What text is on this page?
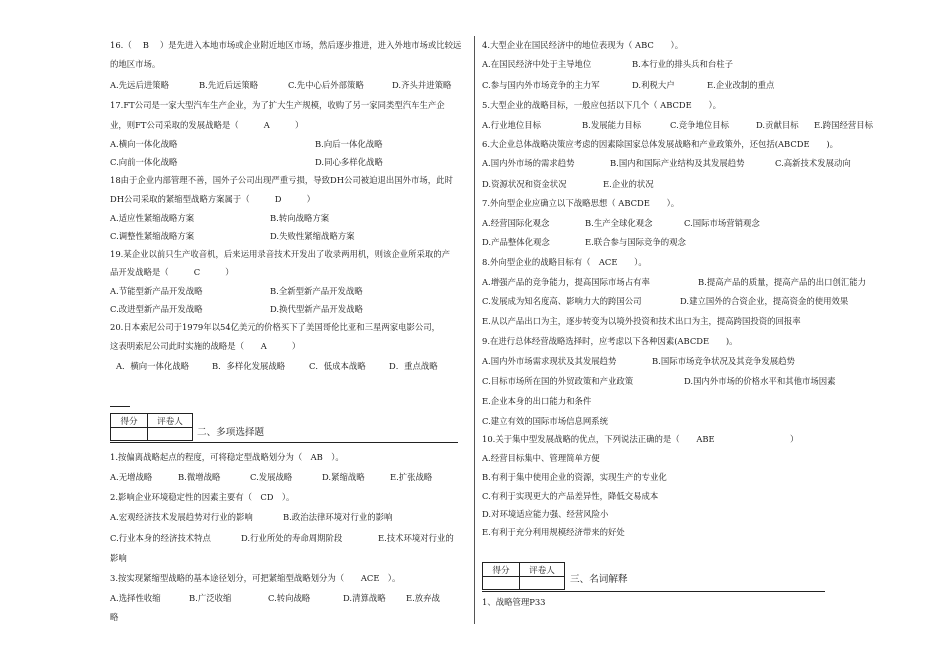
16.（　 B　 ）是先进入本地市场或企业附近地区市场，然后逐步推进，进入外地市场或比较远
的地区市场。
A.先远后进策略	B.先近后远策略	C.先中心后外部策略	D.齐头并进策略
17.FT公司是一家大型汽车生产企业，为了扩大生产规模，收购了另一家同类型汽车生产企
业，则FT公司采取的发展战略是（　　　A　　　）
A.横向一体化战略	B.向后一体化战略
C.向前一体化战略	D.同心多样化战略
18由于企业内部管理不善，国外子公司出现严重亏损，导致DH公司被迫退出国外市场，此时
DH公司采取的紧缩型战略方案属于（　　　D　　　）
A.适应性紧缩战略方案	B.转向战略方案
C.调整性紧缩战略方案	D.失败性紧缩战略方案
19.某企业以前只生产收音机，后来运用录音技术开发出了收录两用机，则该企业所采取的产
品开发战略是（　　　C　　　）
A.节能型新产品开发战略	B.全新型新产品开发战略
C.改进型新产品开发战略	D.换代型新产品开发战略
20.日本索尼公司于1979年以54亿美元的价格买下了美国哥伦比亚和三星两家电影公司，
这表明索尼公司此时实施的战略是（　　A　　　）
A．横向一体化战略	B．多样化发展战略	C．低成本战略	D．重点战略
得分	评卷人

二、多项选择题
1.按偏离战略起点的程度，可将稳定型战略划分为（　AB　）。
A.无增战略	B.微增战略	C.发展战略	D.紧缩战略	E.扩张战略
2.影响企业环境稳定性的因素主要有（　CD　）。
A.宏观经济技术发展趋势对行业的影响	B.政治法律环境对行业的影响
C.行业本身的经济技术特点	D.行业所处的寿命周期阶段	E.技术环境对行业的
影响
3.按实现紧缩型战略的基本途径划分，可把紧缩型战略划分为（　　ACE　）。
A.选择性收缩	B.广泛收缩	C.转向战略	D.清算战略 E.放弃战
略
4.大型企业在国民经济中的地位表现为（ ABC　　）。
A.在国民经济中处于主导地位	B.本行业的排头兵和台柱子
C.参与国内外市场竞争的主力军	D.利税大户	E.企业改制的重点
5.大型企业的战略目标，一般应包括以下几个（ ABCDE　　）。
A.行业地位目标	B.发展能力目标	C.竞争地位目标	D.贡献目标 E.跨国经营目标
6.大企业总体战略决策应考虑的因素除国家总体发展战略和产业政策外，还包括(ABCDE　　)。
A.国内外市场的需求趋势	B.国内和国际产业结构及其发展趋势	C.高新技术发展动向
D.资源状况和资金状况	E.企业的状况
7.外向型企业应确立以下战略思想（ ABCDE　　）。
A.经营国际化观念	B.生产全球化观念	C.国际市场营销观念
D.产品整体化观念	E.联合参与国际竞争的观念
8.外向型企业的战略目标有（　ACE　　）。
A.增强产品的竞争能力，提高国际市场占有率	B.提高产品的质量，提高产品的出口创汇能力
C.发展成为知名度高、影响力大的跨国公司	D.建立国外的合资企业，提高资金的使用效果
E.从以产品出口为主，逐步转变为以境外投资和技术出口为主，提高跨国投资的回报率
9.在进行总体经营战略选择时，应考虑以下各种因素(ABCDE　　)。
A.国内外市场需求现状及其发展趋势	B.国际市场竞争状况及其竞争发展趋势
C.目标市场所在国的外贸政策和产业政策	D.国内外市场的价格水平和其他市场因素
E.企业本身的出口能力和条件
C.建立有效的国际市场信息网系统
10.关于集中型发展战略的优点，下列说法正确的是（　　ABE	）
A.经营目标集中、管理简单方便
B.有利于集中使用企业的资源，实现生产的专业化
C.有利于实现更大的产品差异性，降低交易成本
D.对环境适应能力强、经营风险小
E.有利于充分利用规模经济带来的好处
得分	评卷人

三、名词解释
1、战略管理P33
